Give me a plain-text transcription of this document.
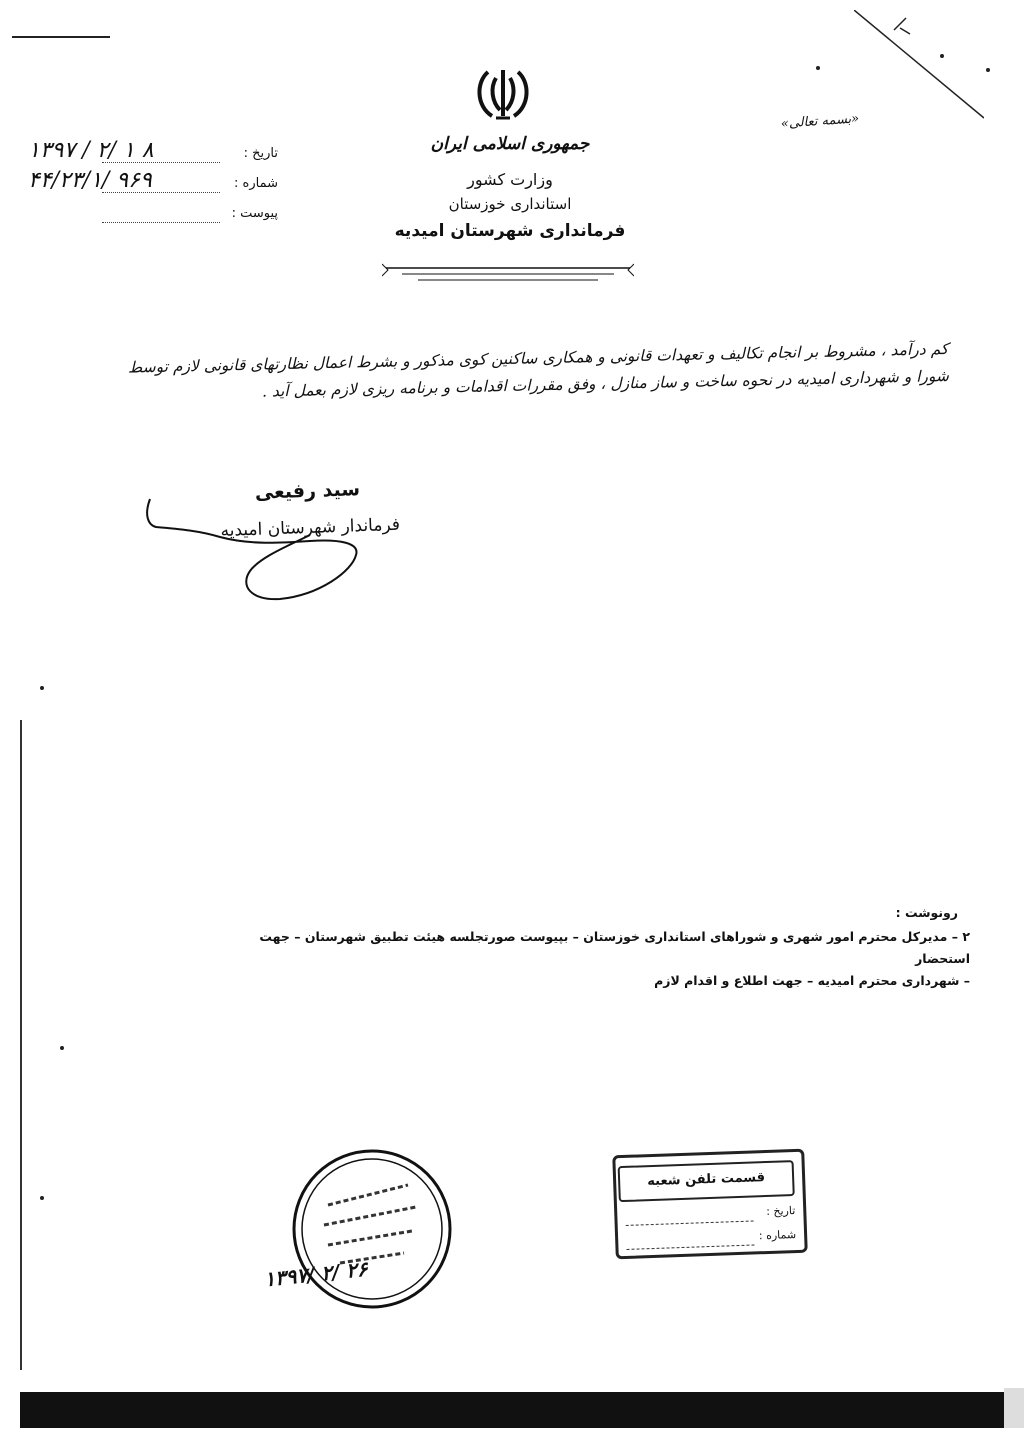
«بسمه تعالی»
جمهوری اسلامی ایران
وزارت کشور
استانداری خوزستان
فرمانداری شهرستان امیدیه
تاریخ :
۱۳۹۷ / ۲/ ۱ ۸
شماره :
۴۴/۲۳/۱/ ۹۶۹
پیوست :
کم درآمد ، مشروط بر انجام تکالیف و تعهدات قانونی و همکاری ساکنین کوی مذکور و بشرط اعمال نظارتهای قانونی لازم توسط
شورا و شهرداری امیدیه در نحوه ساخت و ساز منازل ، وفق مقررات اقدامات و برنامه ریزی لازم بعمل آید .
سید رفیعی
فرماندار شهرستان امیدیه
رونوشت :
۲ – مدیرکل محترم امور شهری و شوراهای استانداری خوزستان – بپیوست صورتجلسه هیئت تطبیق شهرستان – جهت استحضار
– شهرداری محترم امیدیه – جهت اطلاع و اقدام لازم
۱۳۹۷/ ۲/ ۲۶
قسمت تلفن شعبه
تاریخ :
شماره :
